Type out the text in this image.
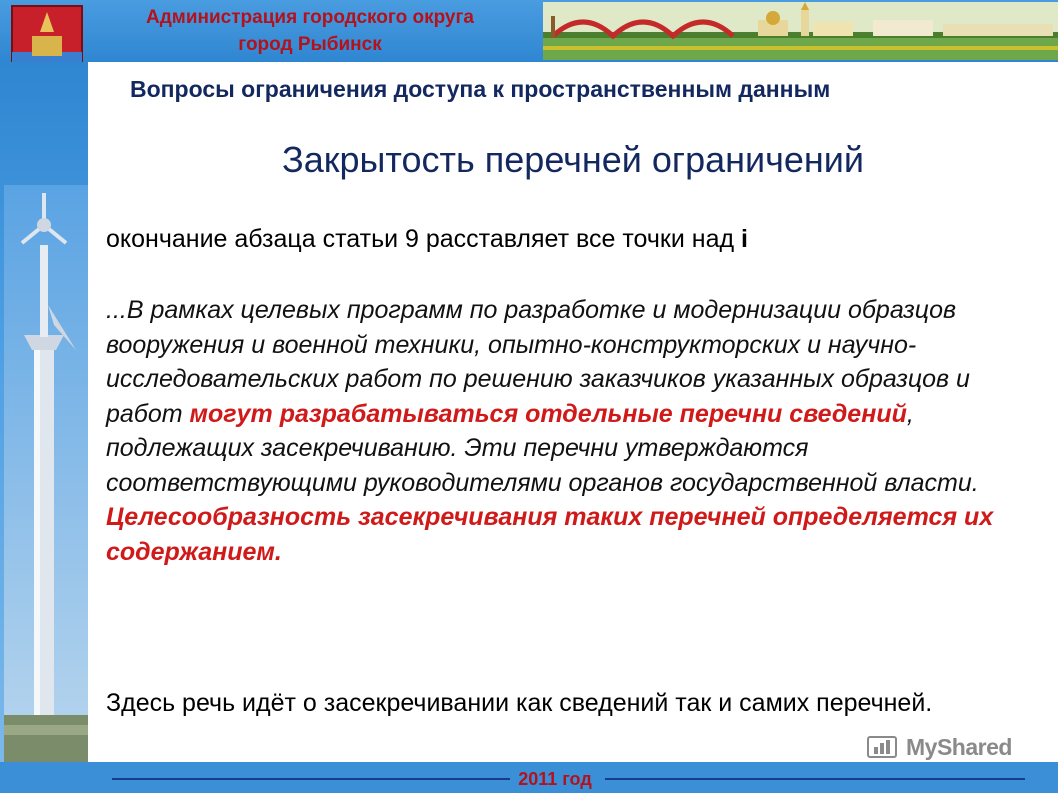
Администрация городского округа
город Рыбинск
Вопросы ограничения доступа к пространственным данным
Закрытость перечней ограничений
окончание абзаца статьи 9 расставляет все точки над i
...В рамках целевых программ по разработке и модернизации образцов вооружения и военной техники, опытно-конструкторских и научно-исследовательских работ по решению заказчиков указанных образцов и работ могут разрабатываться отдельные перечни сведений, подлежащих засекречиванию. Эти перечни утверждаются соответствующими руководителями органов государственной власти. Целесообразность засекречивания таких перечней определяется их содержанием.
Здесь речь идёт о засекречивании как сведений так и самих перечней.
MyShared
2011 год
